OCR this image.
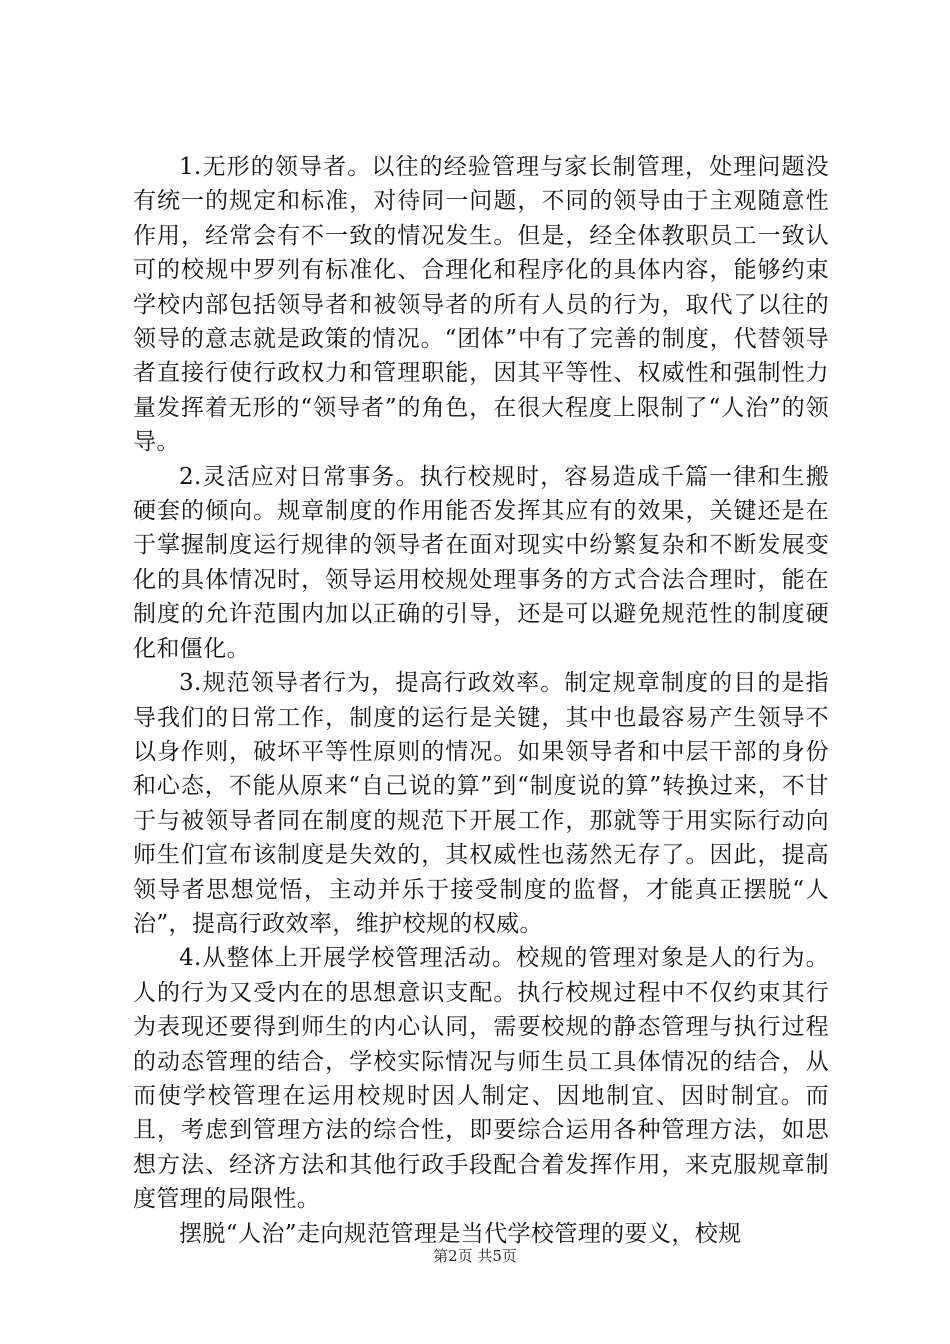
1.无形的领导者。以往的经验管理与家长制管理，处理问题没有统一的规定和标准，对待同一问题，不同的领导由于主观随意性作用，经常会有不一致的情况发生。但是，经全体教职员工一致认可的校规中罗列有标准化、合理化和程序化的具体内容，能够约束学校内部包括领导者和被领导者的所有人员的行为，取代了以往的领导的意志就是政策的情况。“团体”中有了完善的制度，代替领导者直接行使行政权力和管理职能，因其平等性、权威性和强制性力量发挥着无形的“领导者”的角色，在很大程度上限制了“人治”的领导。

2.灵活应对日常事务。执行校规时，容易造成千篇一律和生搬硬套的倾向。规章制度的作用能否发挥其应有的效果，关键还是在于掌握制度运行规律的领导者在面对现实中纷繁复杂和不断发展变化的具体情况时，领导运用校规处理事务的方式合法合理时，能在制度的允许范围内加以正确的引导，还是可以避免规范性的制度硬化和僵化。

3.规范领导者行为，提高行政效率。制定规章制度的目的是指导我们的日常工作，制度的运行是关键，其中也最容易产生领导不以身作则，破坏平等性原则的情况。如果领导者和中层干部的身份和心态，不能从原来“自己说的算”到“制度说的算”转换过来，不甘于与被领导者同在制度的规范下开展工作，那就等于用实际行动向师生们宣布该制度是失效的，其权威性也荡然无存了。因此，提高领导者思想觉悟，主动并乐于接受制度的监督，才能真正摆脱“人治”，提高行政效率，维护校规的权威。

4.从整体上开展学校管理活动。校规的管理对象是人的行为。人的行为又受内在的思想意识支配。执行校规过程中不仅约束其行为表现还要得到师生的内心认同，需要校规的静态管理与执行过程的动态管理的结合，学校实际情况与师生员工具体情况的结合，从而使学校管理在运用校规时因人制定、因地制宜、因时制宜。而且，考虑到管理方法的综合性，即要综合运用各种管理方法，如思想方法、经济方法和其他行政手段配合着发挥作用，来克服规章制度管理的局限性。

摆脱“人治”走向规范管理是当代学校管理的要义，校规

第2页 共5页
